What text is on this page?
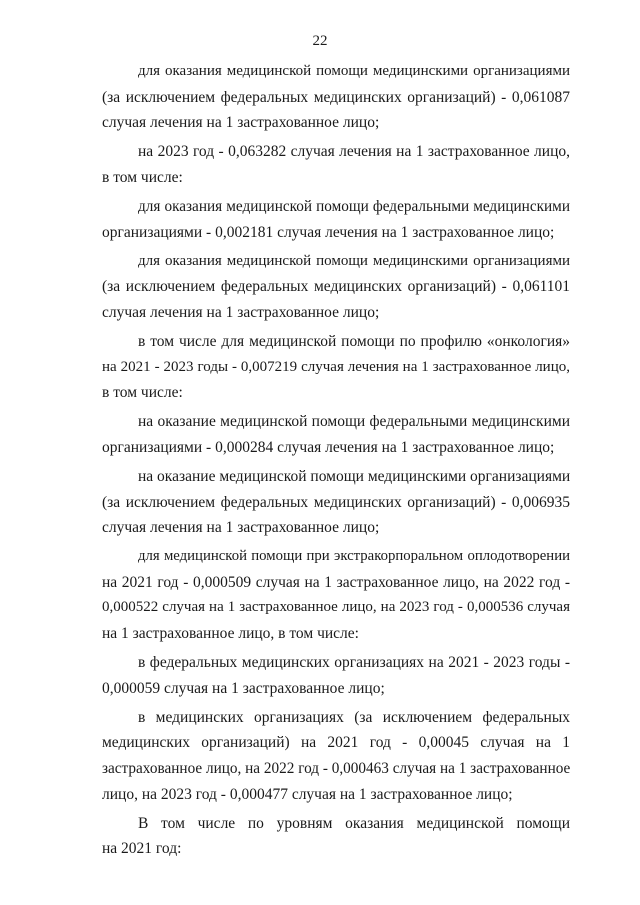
22
для оказания медицинской помощи медицинскими организациями
(за исключением федеральных медицинских организаций) - 0,061087
случая лечения на 1 застрахованное лицо;
на 2023 год - 0,063282 случая лечения на 1 застрахованное лицо,
в том числе:
для оказания медицинской помощи федеральными медицинскими
организациями - 0,002181 случая лечения на 1 застрахованное лицо;
для оказания медицинской помощи медицинскими организациями
(за исключением федеральных медицинских организаций) - 0,061101
случая лечения на 1 застрахованное лицо;
в том числе для медицинской помощи по профилю «онкология»
на 2021 - 2023 годы - 0,007219 случая лечения на 1 застрахованное лицо,
в том числе:
на оказание медицинской помощи федеральными медицинскими
организациями - 0,000284 случая лечения на 1 застрахованное лицо;
на оказание медицинской помощи медицинскими организациями
(за исключением федеральных медицинских организаций) - 0,006935
случая лечения на 1 застрахованное лицо;
для медицинской помощи при экстракорпоральном оплодотворении
на 2021 год - 0,000509 случая на 1 застрахованное лицо, на 2022 год -
0,000522 случая на 1 застрахованное лицо, на 2023 год - 0,000536 случая
на 1 застрахованное лицо, в том числе:
в федеральных медицинских организациях на 2021 - 2023 годы -
0,000059 случая на 1 застрахованное лицо;
в медицинских организациях (за исключением федеральных
медицинских организаций) на 2021 год - 0,00045 случая на 1
застрахованное лицо, на 2022 год - 0,000463 случая на 1 застрахованное
лицо, на 2023 год - 0,000477 случая на 1 застрахованное лицо;
В том числе по уровням оказания медицинской помощи
на 2021 год:
